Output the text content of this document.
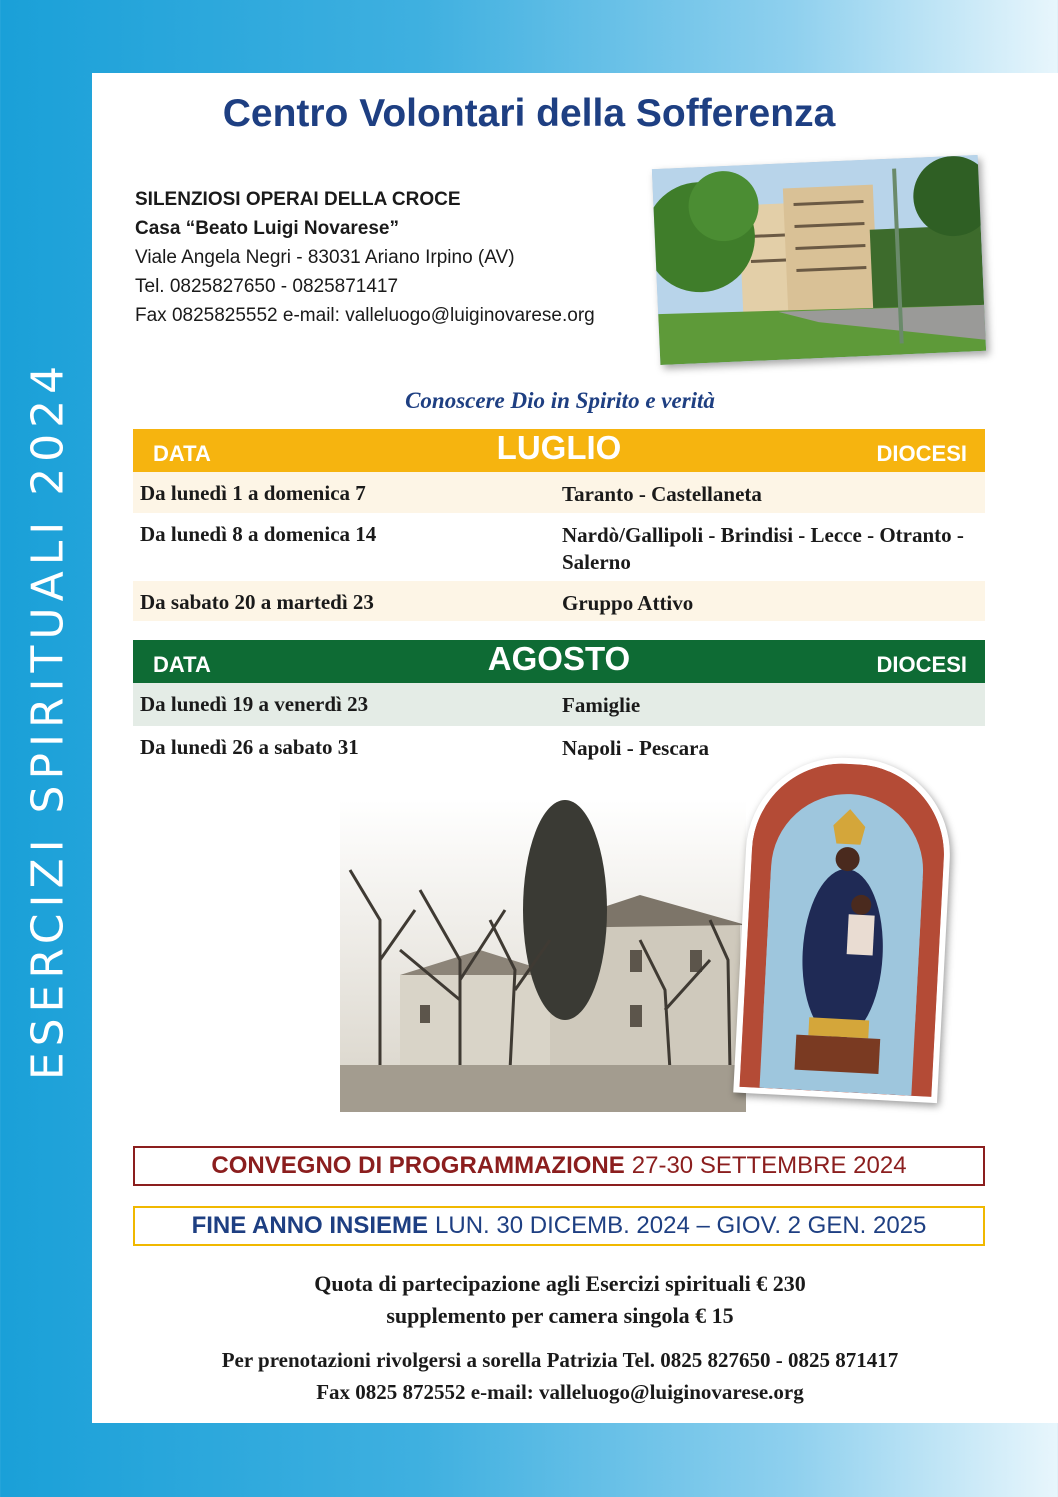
ESERCIZI SPIRITUALI 2024
Centro Volontari della Sofferenza
SILENZIOSI OPERAI DELLA CROCE
Casa “Beato Luigi Novarese”
Viale Angela Negri - 83031 Ariano Irpino (AV)
Tel. 0825827650 - 0825871417
Fax 0825825552 e-mail: valleluogo@luiginovarese.org
Conoscere Dio in Spirito e verità
DATA	LUGLIO	DIOCESI
Da lunedì 1 a domenica 7	Taranto - Castellaneta
Da lunedì 8 a domenica 14	Nardò/Gallipoli - Brindisi - Lecce - Otranto - Salerno
Da sabato 20 a martedì 23	Gruppo Attivo
DATA	AGOSTO	DIOCESI
Da lunedì 19 a venerdì 23	Famiglie
Da lunedì 26 a sabato 31	Napoli - Pescara
CONVEGNO DI PROGRAMMAZIONE 27-30 SETTEMBRE 2024
FINE ANNO INSIEME LUN. 30 DICEMB. 2024 – GIOV. 2 GEN. 2025
Quota di partecipazione agli Esercizi spirituali € 230
supplemento per camera singola € 15
Per prenotazioni rivolgersi a sorella Patrizia Tel. 0825 827650 - 0825 871417
Fax 0825 872552 e-mail: valleluogo@luiginovarese.org
